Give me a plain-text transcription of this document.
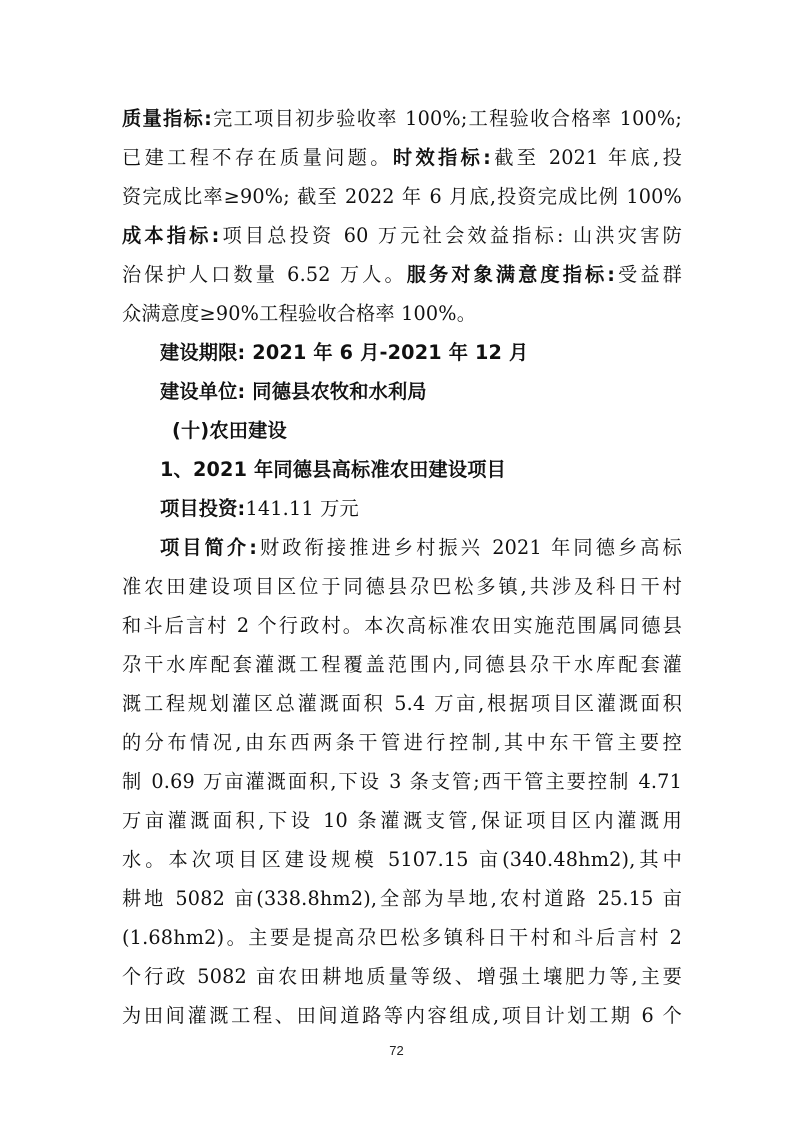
质量指标:完工项目初步验收率 100%;工程验收合格率 100%;
已建工程不存在质量问题。时效指标:截至 2021 年底,投
资完成比率≥90%; 截至 2022 年 6 月底,投资完成比例 100%
成本指标:项目总投资 60 万元社会效益指标: 山洪灾害防
治保护人口数量 6.52 万人。服务对象满意度指标:受益群
众满意度≥90%工程验收合格率 100%。
建设期限: 2021 年 6 月-2021 年 12 月
建设单位: 同德县农牧和水利局
(十)农田建设
1、2021 年同德县高标准农田建设项目
项目投资:141.11 万元
项目简介:财政衔接推进乡村振兴 2021 年同德乡高标
准农田建设项目区位于同德县尕巴松多镇,共涉及科日干村
和斗后言村 2 个行政村。本次高标准农田实施范围属同德县
尕干水库配套灌溉工程覆盖范围内,同德县尕干水库配套灌
溉工程规划灌区总灌溉面积 5.4 万亩,根据项目区灌溉面积
的分布情况,由东西两条干管进行控制,其中东干管主要控
制 0.69 万亩灌溉面积,下设 3 条支管;西干管主要控制 4.71
万亩灌溉面积,下设 10 条灌溉支管,保证项目区内灌溉用
水。本次项目区建设规模 5107.15 亩(340.48hm2),其中
耕地 5082 亩(338.8hm2),全部为旱地,农村道路 25.15 亩
(1.68hm2)。主要是提高尕巴松多镇科日干村和斗后言村 2
个行政 5082 亩农田耕地质量等级、增强土壤肥力等,主要
为田间灌溉工程、田间道路等内容组成,项目计划工期 6 个
72
